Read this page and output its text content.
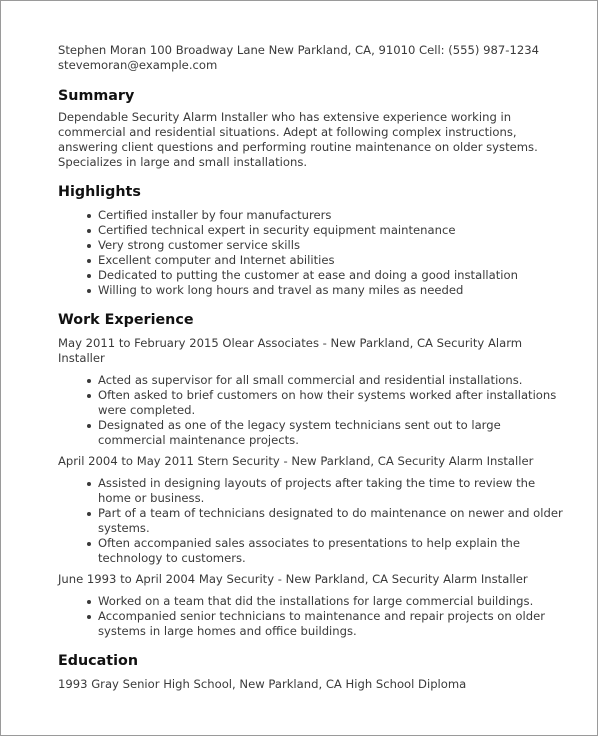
Stephen Moran 100 Broadway Lane New Parkland, CA, 91010 Cell: (555) 987-1234

stevemoran@example.com

Summary

Dependable Security Alarm Installer who has extensive experience working in commercial and residential situations. Adept at following complex instructions, answering client questions and performing routine maintenance on older systems. Specializes in large and small installations.

Highlights
Certified installer by four manufacturers
Certified technical expert in security equipment maintenance
Very strong customer service skills
Excellent computer and Internet abilities
Dedicated to putting the customer at ease and doing a good installation
Willing to work long hours and travel as many miles as needed
Work Experience

May 2011 to February 2015 Olear Associates - New Parkland, CA Security Alarm Installer

Acted as supervisor for all small commercial and residential installations.
Often asked to brief customers on how their systems worked after installations were completed.
Designated as one of the legacy system technicians sent out to large commercial maintenance projects.

April 2004 to May 2011 Stern Security - New Parkland, CA Security Alarm Installer

Assisted in designing layouts of projects after taking the time to review the home or business.
Part of a team of technicians designated to do maintenance on newer and older systems.
Often accompanied sales associates to presentations to help explain the technology to customers.

June 1993 to April 2004 May Security - New Parkland, CA Security Alarm Installer

Worked on a team that did the installations for large commercial buildings.
Accompanied senior technicians to maintenance and repair projects on older systems in large homes and office buildings.
Education

1993 Gray Senior High School, New Parkland, CA High School Diploma
